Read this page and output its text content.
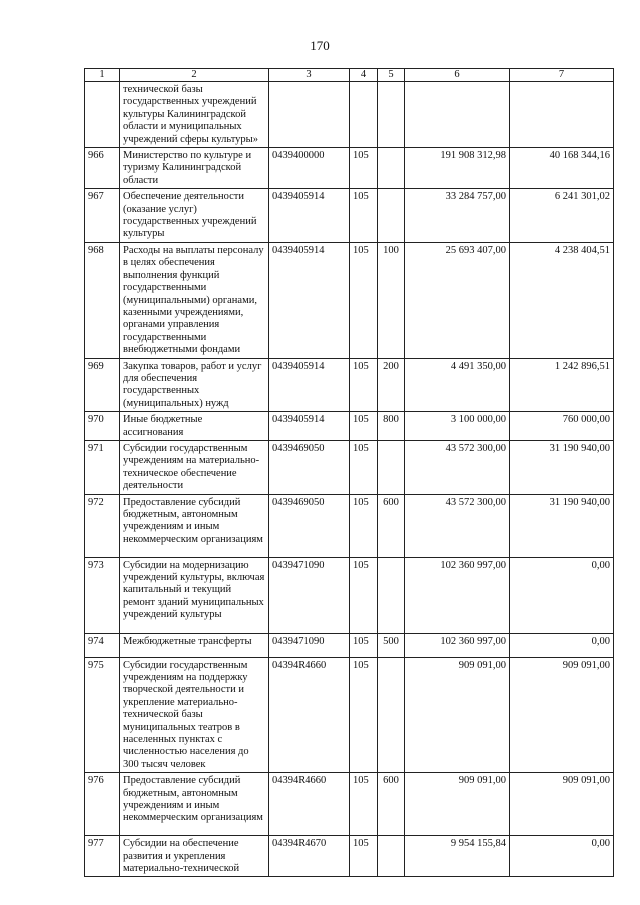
170
1	2	3	4	5	6	7
	технической базы государственных учреждений культуры Калининградской области и муниципальных учреждений сферы культуры»					
966	Министерство по культуре и туризму Калининградской области	0439400000	105		191 908 312,98	40 168 344,16
967	Обеспечение деятельности (оказание услуг) государственных учреждений культуры	0439405914	105		33 284 757,00	6 241 301,02
968	Расходы на выплаты персоналу в целях обеспечения выполнения функций государственными (муниципальными) органами, казенными учреждениями, органами управления государственными внебюджетными фондами	0439405914	105	100	25 693 407,00	4 238 404,51
969	Закупка товаров, работ и услуг для обеспечения государственных (муниципальных) нужд	0439405914	105	200	4 491 350,00	1 242 896,51
970	Иные бюджетные ассигнования	0439405914	105	800	3 100 000,00	760 000,00
971	Субсидии государственным учреждениям на материально-техническое обеспечение деятельности	0439469050	105		43 572 300,00	31 190 940,00
972	Предоставление субсидий бюджетным, автономным учреждениям и иным некоммерческим организациям	0439469050	105	600	43 572 300,00	31 190 940,00
973	Субсидии на модернизацию учреждений культуры, включая капитальный и текущий ремонт зданий муниципальных учреждений культуры	0439471090	105		102 360 997,00	0,00
974	Межбюджетные трансферты	0439471090	105	500	102 360 997,00	0,00
975	Субсидии государственным учреждениям на поддержку творческой деятельности и укрепление материально-технической базы муниципальных театров в населенных пунктах с численностью населения до 300 тысяч человек	04394R4660	105		909 091,00	909 091,00
976	Предоставление субсидий бюджетным, автономным учреждениям и иным некоммерческим организациям	04394R4660	105	600	909 091,00	909 091,00
977	Субсидии на обеспечение развития и укрепления материально-технической	04394R4670	105		9 954 155,84	0,00
